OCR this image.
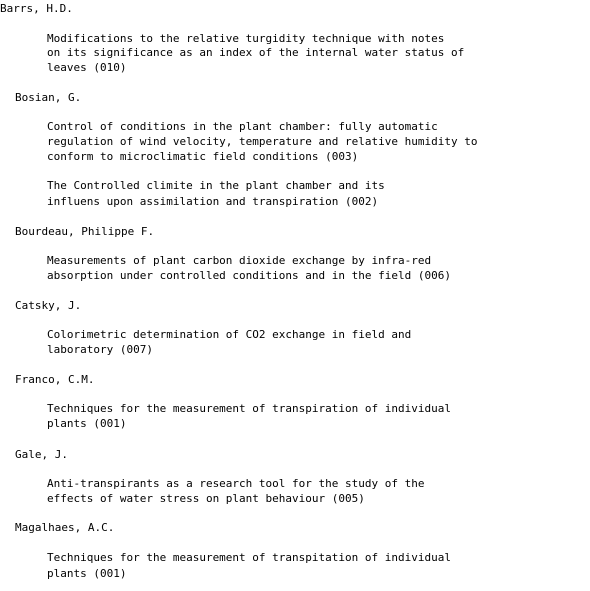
Barrs, H.D.
Modifications to the relative turgidity technique with notes
on its significance as an index of the internal water status of
leaves (010)
Bosian, G.
Control of conditions in the plant chamber: fully automatic
regulation of wind velocity, temperature and relative humidity to
conform to microclimatic field conditions (003)
The Controlled climite in the plant chamber and its
influens upon assimilation and transpiration (002)
Bourdeau, Philippe F.
Measurements of plant carbon dioxide exchange by infra-red
absorption under controlled conditions and in the field (006)
Catsky, J.
Colorimetric determination of CO2 exchange in field and
laboratory (007)
Franco, C.M.
Techniques for the measurement of transpiration of individual
plants (001)
Gale, J.
Anti-transpirants as a research tool for the study of the
effects of water stress on plant behaviour (005)
Magalhaes, A.C.
Techniques for the measurement of transpitation of individual
plants (001)
